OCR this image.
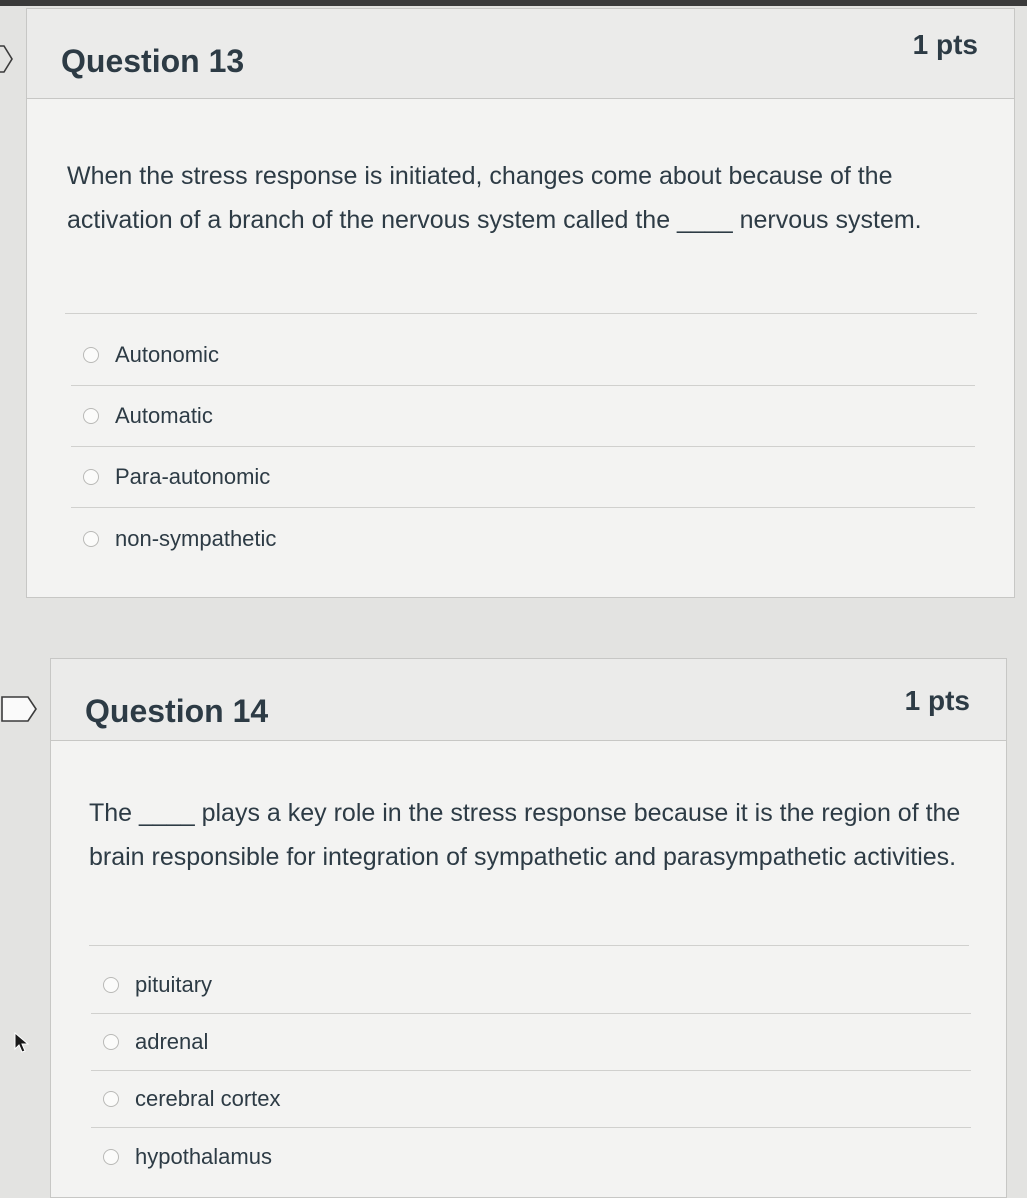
Question 13	1 pts
When the stress response is initiated, changes come about because of the activation of a branch of the nervous system called the ____ nervous system.
Autonomic
Automatic
Para-autonomic
non-sympathetic
Question 14	1 pts
The ____ plays a key role in the stress response because it is the region of the brain responsible for integration of sympathetic and parasympathetic activities.
pituitary
adrenal
cerebral cortex
hypothalamus
